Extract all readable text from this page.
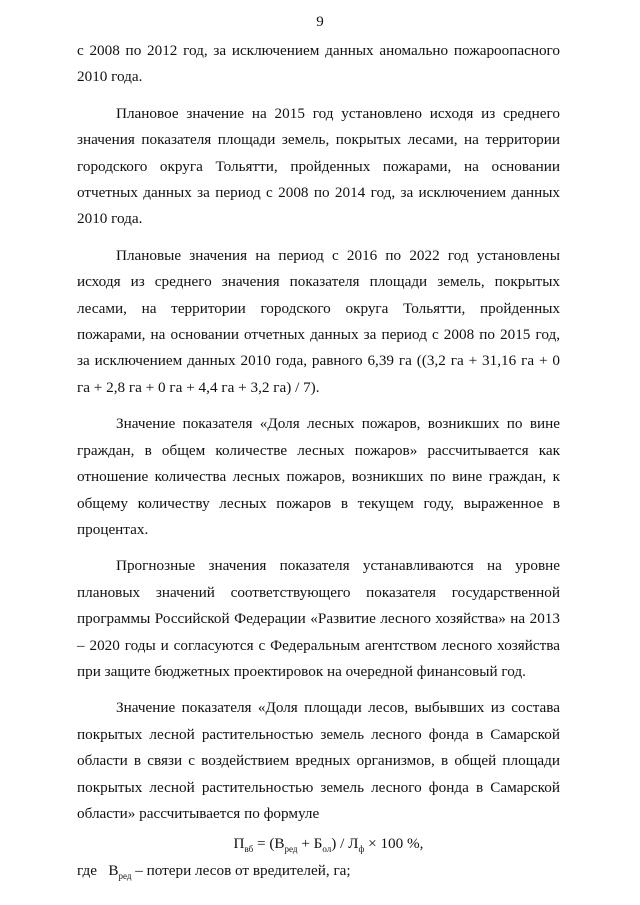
9

с 2008 по 2012 год, за исключением данных аномально пожароопасного 2010 года.

Плановое значение на 2015 год установлено исходя из среднего значения показателя площади земель, покрытых лесами, на территории городского округа Тольятти, пройденных пожарами, на основании отчетных данных за период с 2008 по 2014 год, за исключением данных 2010 года.

Плановые значения на период с 2016 по 2022 год установлены исходя из среднего значения показателя площади земель, покрытых лесами, на территории городского округа Тольятти, пройденных пожарами, на основании отчетных данных за период с 2008 по 2015 год, за исключением данных 2010 года, равного 6,39 га ((3,2 га + 31,16 га + 0 га + 2,8 га + 0 га + 4,4 га + 3,2 га) / 7).

Значение показателя «Доля лесных пожаров, возникших по вине граждан, в общем количестве лесных пожаров» рассчитывается как отношение количества лесных пожаров, возникших по вине граждан, к общему количеству лесных пожаров в текущем году, выраженное в процентах.

Прогнозные значения показателя устанавливаются на уровне плановых значений соответствующего показателя государственной программы Российской Федерации «Развитие лесного хозяйства» на 2013 – 2020 годы и согласуются с Федеральным агентством лесного хозяйства при защите бюджетных проектировок на очередной финансовый год.

Значение показателя «Доля площади лесов, выбывших из состава покрытых лесной растительностью земель лесного фонда в Самарской области в связи с воздействием вредных организмов, в общей площади покрытых лесной растительностью земель лесного фонда в Самарской области» рассчитывается по формуле

$П_{вб} = (В_{ред} + Б_{ол}) / Л_ф \times 100$ %,

где   $В_{ред}$ – потери лесов от вредителей, га;
